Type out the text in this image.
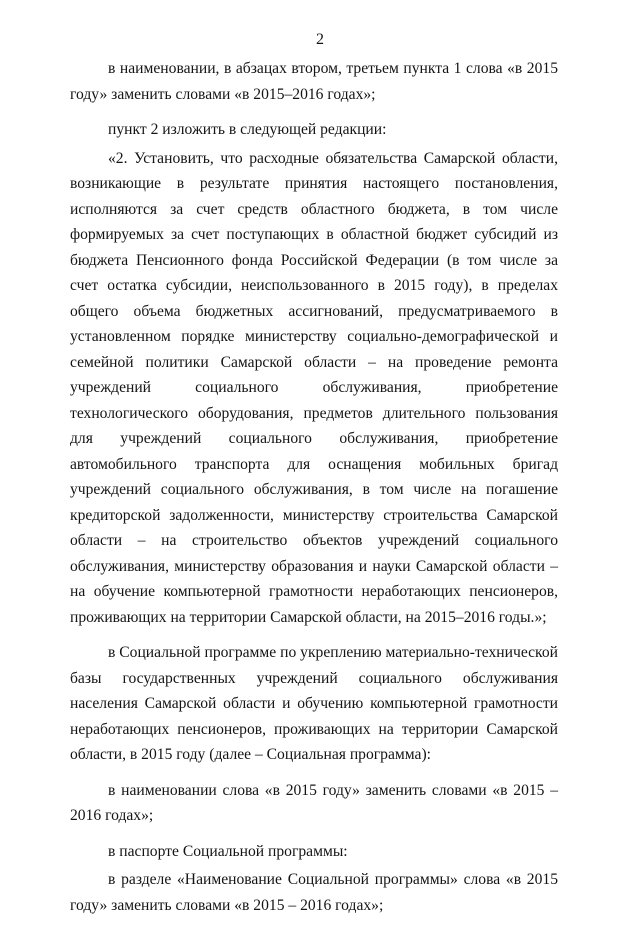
2

в наименовании, в абзацах втором, третьем пункта 1 слова «в 2015 году» заменить словами «в 2015–2016 годах»;

пункт 2 изложить в следующей редакции:

«2. Установить, что расходные обязательства Самарской области, возникающие в результате принятия настоящего постановления, исполняются за счет средств областного бюджета, в том числе формируемых за счет поступающих в областной бюджет субсидий из бюджета Пенсионного фонда Российской Федерации (в том числе за счет остатка субсидии, неиспользованного в 2015 году), в пределах общего объема бюджетных ассигнований, предусматриваемого в установленном порядке министерству социально-демографической и семейной политики Самарской области – на проведение ремонта учреждений социального обслуживания, приобретение технологического оборудования, предметов длительного пользования для учреждений социального обслуживания, приобретение автомобильного транспорта для оснащения мобильных бригад учреждений социального обслуживания, в том числе на погашение кредиторской задолженности, министерству строительства Самарской области – на строительство объектов учреждений социального обслуживания, министерству образования и науки Самарской области – на обучение компьютерной грамотности неработающих пенсионеров, проживающих на территории Самарской области, на 2015–2016 годы.»;

в Социальной программе по укреплению материально-технической базы государственных учреждений социального обслуживания населения Самарской области и обучению компьютерной грамотности неработающих пенсионеров, проживающих на территории Самарской области, в 2015 году (далее – Социальная программа):

в наименовании слова «в 2015 году» заменить словами «в 2015 – 2016 годах»;

в паспорте Социальной программы:

в разделе «Наименование Социальной программы» слова «в 2015 году» заменить словами «в 2015 – 2016 годах»;
